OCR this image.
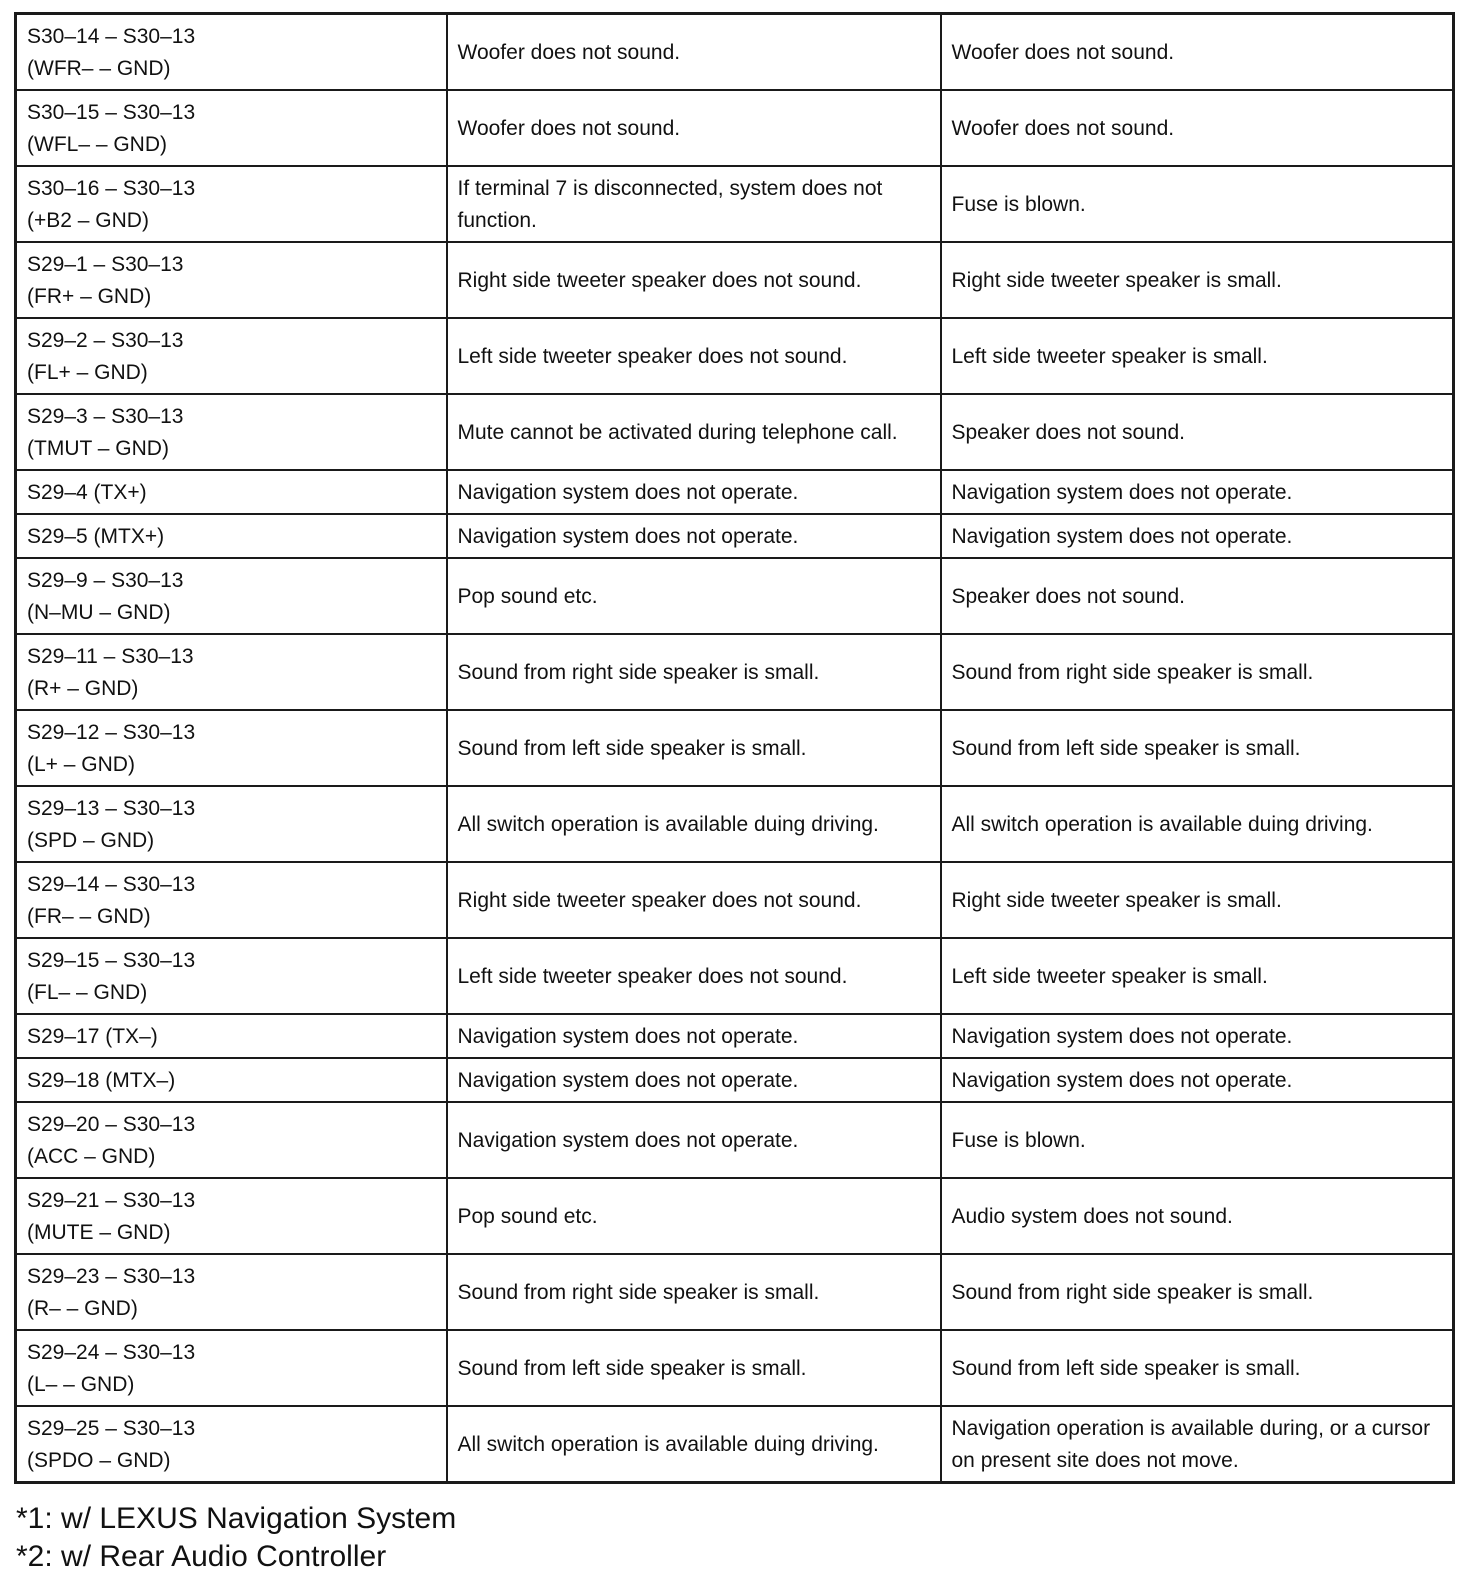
S30–14 – S30–13
(WFR– – GND)	Woofer does not sound.	Woofer does not sound.

S30–15 – S30–13
(WFL– – GND)	Woofer does not sound.	Woofer does not sound.

S30–16 – S30–13
(+B2 – GND)	If terminal 7 is disconnected, system does not function.	Fuse is blown.

S29–1 – S30–13
(FR+ – GND)	Right side tweeter speaker does not sound.	Right side tweeter speaker is small.

S29–2 – S30–13
(FL+ – GND)	Left side tweeter speaker does not sound.	Left side tweeter speaker is small.

S29–3 – S30–13
(TMUT – GND)	Mute cannot be activated during telephone call.	Speaker does not sound.

S29–4 (TX+)	Navigation system does not operate.	Navigation system does not operate.

S29–5 (MTX+)	Navigation system does not operate.	Navigation system does not operate.

S29–9 – S30–13
(N–MU – GND)	Pop sound etc.	Speaker does not sound.

S29–11 – S30–13
(R+ – GND)	Sound from right side speaker is small.	Sound from right side speaker is small.

S29–12 – S30–13
(L+ – GND)	Sound from left side speaker is small.	Sound from left side speaker is small.

S29–13 – S30–13
(SPD – GND)	All switch operation is available duing driving.	All switch operation is available duing driving.

S29–14 – S30–13
(FR– – GND)	Right side tweeter speaker does not sound.	Right side tweeter speaker is small.

S29–15 – S30–13
(FL– – GND)	Left side tweeter speaker does not sound.	Left side tweeter speaker is small.

S29–17 (TX–)	Navigation system does not operate.	Navigation system does not operate.

S29–18 (MTX–)	Navigation system does not operate.	Navigation system does not operate.

S29–20 – S30–13
(ACC – GND)	Navigation system does not operate.	Fuse is blown.

S29–21 – S30–13
(MUTE – GND)	Pop sound etc.	Audio system does not sound.

S29–23 – S30–13
(R– – GND)	Sound from right side speaker is small.	Sound from right side speaker is small.

S29–24 – S30–13
(L– – GND)	Sound from left side speaker is small.	Sound from left side speaker is small.

S29–25 – S30–13
(SPDO – GND)	All switch operation is available duing driving.	Navigation operation is available during, or a cursor on present site does not move.
*1: w/ LEXUS Navigation System
*2: w/ Rear Audio Controller
